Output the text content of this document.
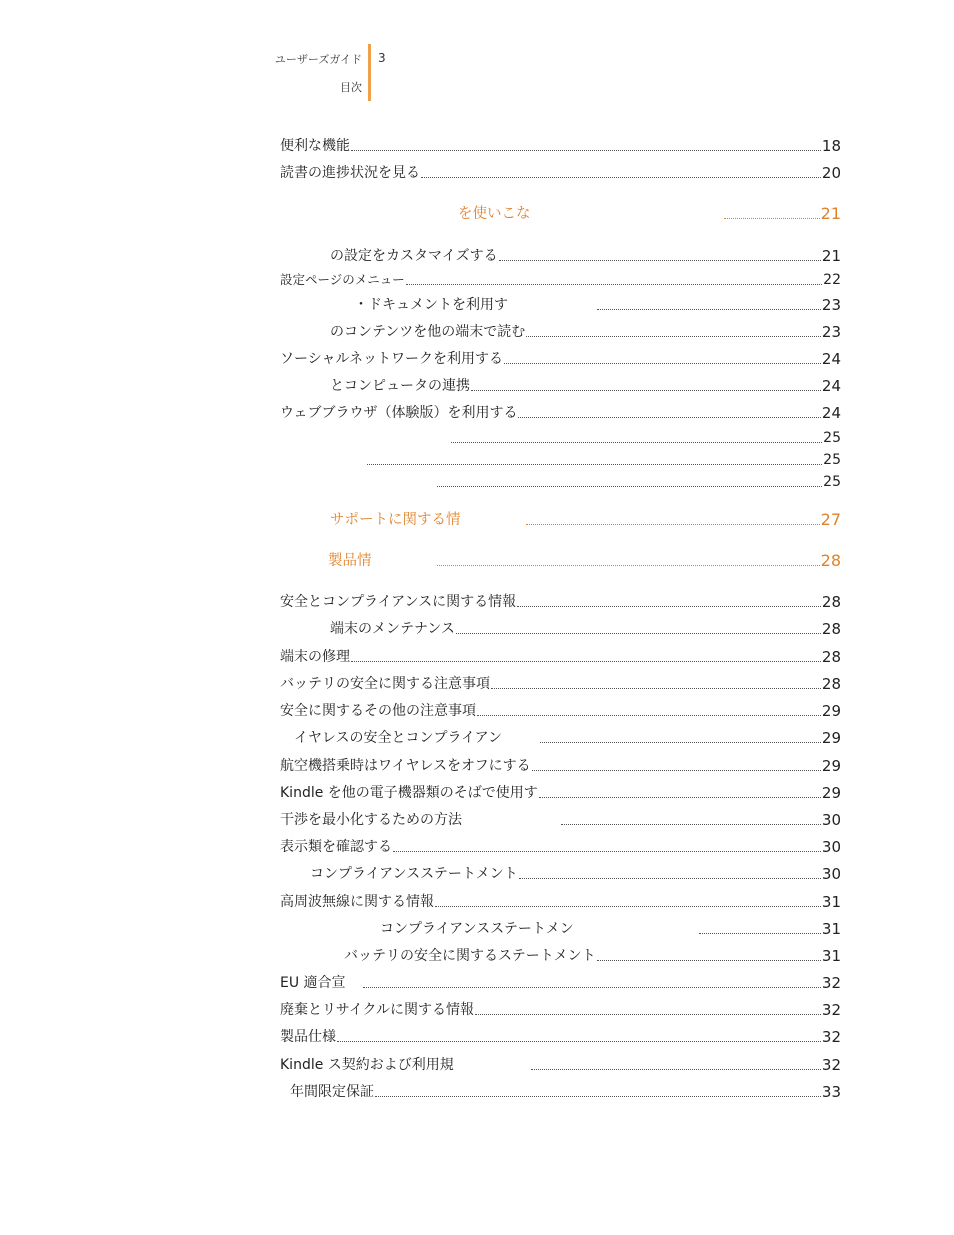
ユーザーズガイド
目次
3
便利な機能	18
読書の進捗状況を見る	20
を使いこな	21
の設定をカスタマイズする	21
設定ページのメニュー	22
・ドキュメントを利用す	23
のコンテンツを他の端末で読む	23
ソーシャルネットワークを利用する	24
とコンピュータの連携	24
ウェブブラウザ（体験版）を利用する	24
25
25
25
サポートに関する情	27
製品情	28
安全とコンプライアンスに関する情報	28
端末のメンテナンス	28
端末の修理	28
バッテリの安全に関する注意事項	28
安全に関するその他の注意事項	29
イヤレスの安全とコンプライアン	29
航空機搭乗時はワイヤレスをオフにする	29
Kindle を他の電子機器類のそばで使用す	29
干渉を最小化するための方法	30
表示類を確認する	30
コンプライアンスステートメント	30
高周波無線に関する情報	31
コンプライアンスステートメン	31
バッテリの安全に関するステートメント	31
EU 適合宣	32
廃棄とリサイクルに関する情報	32
製品仕様	32
Kindle ス契約および利用規	32
年間限定保証	33
